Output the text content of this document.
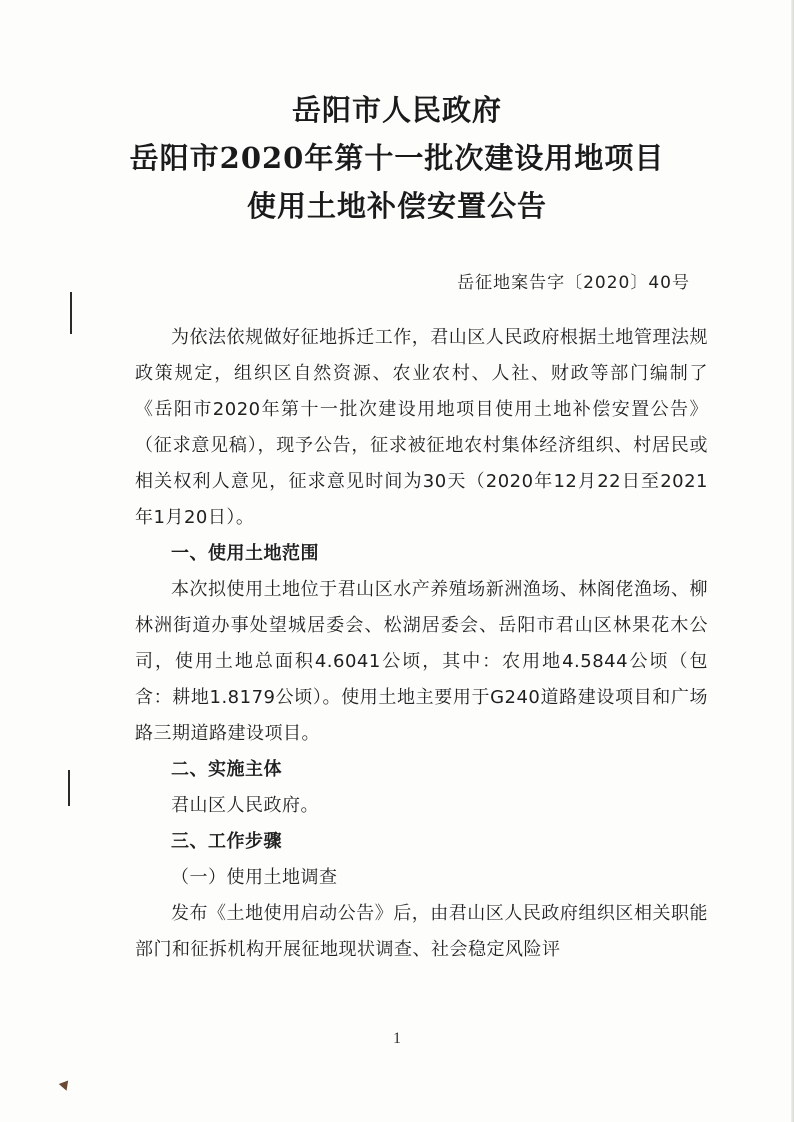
岳阳市人民政府
岳阳市2020年第十一批次建设用地项目
使用土地补偿安置公告
岳征地案告字〔2020〕40号

为依法依规做好征地拆迁工作，君山区人民政府根据土地管理法规政策规定，组织区自然资源、农业农村、人社、财政等部门编制了《岳阳市2020年第十一批次建设用地项目使用土地补偿安置公告》（征求意见稿），现予公告，征求被征地农村集体经济组织、村居民或相关权利人意见，征求意见时间为30天（2020年12月22日至2021年1月20日）。

一、使用土地范围

本次拟使用土地位于君山区水产养殖场新洲渔场、林阁佬渔场、柳林洲街道办事处望城居委会、松湖居委会、岳阳市君山区林果花木公司，使用土地总面积4.6041公顷，其中：农用地4.5844公顷（包含：耕地1.8179公顷）。使用土地主要用于G240道路建设项目和广场路三期道路建设项目。

二、实施主体

君山区人民政府。

三、工作步骤

（一）使用土地调查

发布《土地使用启动公告》后，由君山区人民政府组织区相关职能部门和征拆机构开展征地现状调查、社会稳定风险评

1
